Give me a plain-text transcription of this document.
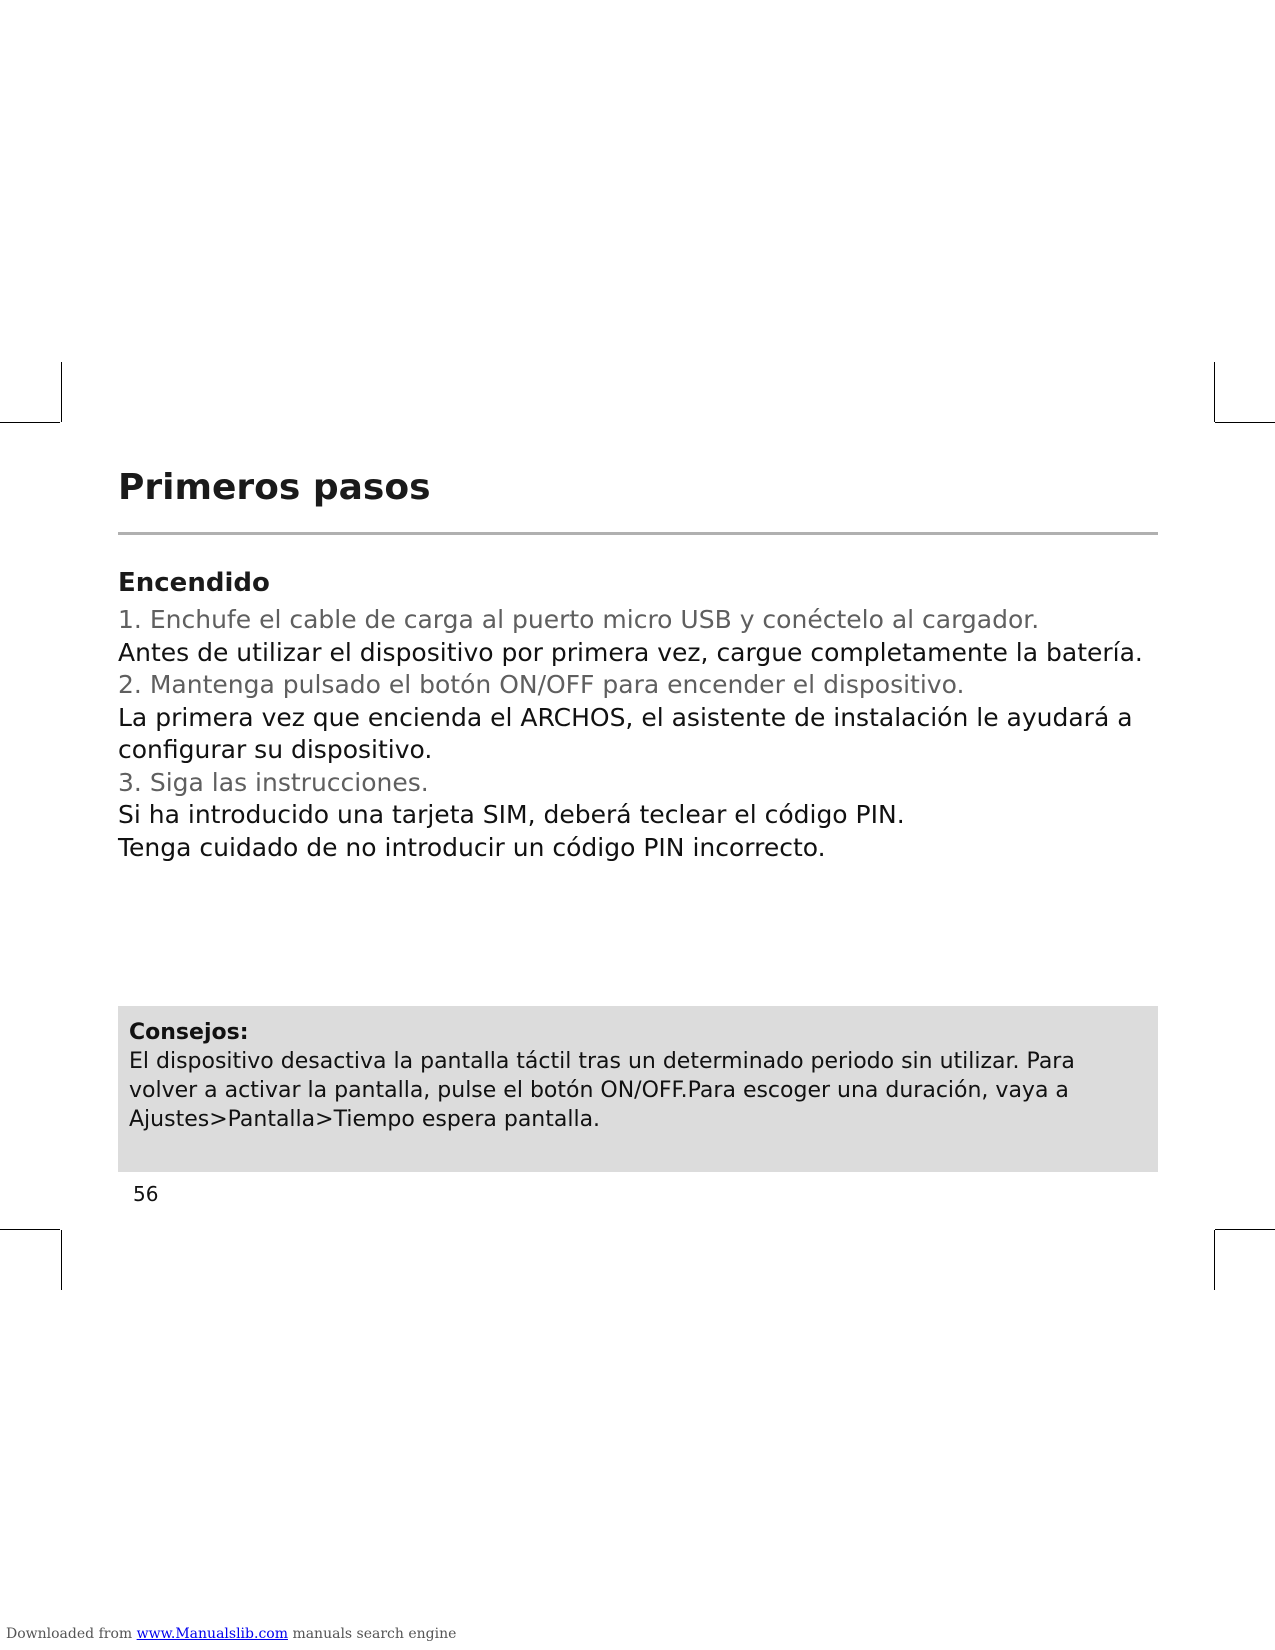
Primeros pasos
Encendido
1. Enchufe el cable de carga al puerto micro USB y conéctelo al cargador.
Antes de utilizar el dispositivo por primera vez, cargue completamente la batería.
2. Mantenga pulsado el botón ON/OFF para encender el dispositivo.
La primera vez que encienda el ARCHOS, el asistente de instalación le ayudará a configurar su dispositivo.
3. Siga las instrucciones.
Si ha introducido una tarjeta SIM, deberá teclear el código PIN.
Tenga cuidado de no introducir un código PIN incorrecto.
Consejos:
El dispositivo desactiva la pantalla táctil tras un determinado periodo sin utilizar. Para volver a activar la pantalla, pulse el botón ON/OFF.Para escoger una duración, vaya a Ajustes>Pantalla>Tiempo espera pantalla.
56
Downloaded from www.Manualslib.com manuals search engine
